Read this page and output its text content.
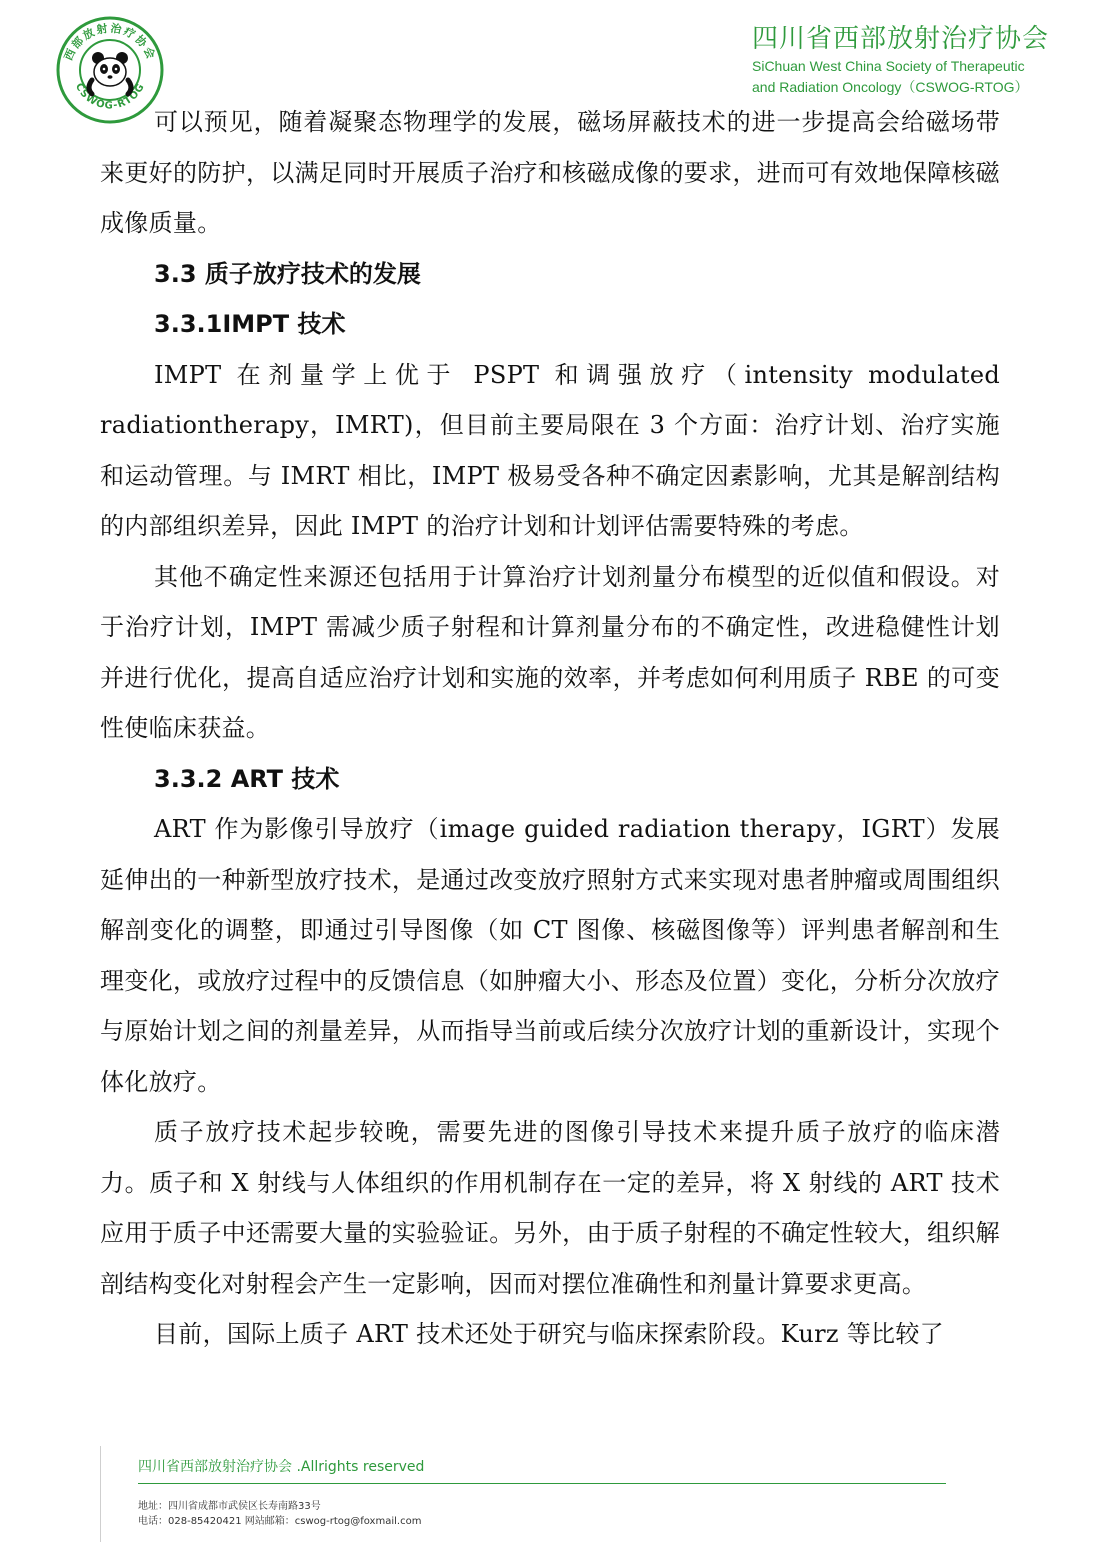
西部放射治疗协会
CSWOG-RTOG
四川省西部放射治疗协会
SiChuan West China Society of Therapeutic
and Radiation Oncology（CSWOG-RTOG）

可以预见，随着凝聚态物理学的发展，磁场屏蔽技术的进一步提高会给磁场带来更好的防护，以满足同时开展质子治疗和核磁成像的要求，进而可有效地保障核磁成像质量。

3.3 质子放疗技术的发展

3.3.1IMPT 技术

IMPT 在剂量学上优于 PSPT 和调强放疗（intensity modulated radiationtherapy，IMRT)，但目前主要局限在 3 个方面：治疗计划、治疗实施和运动管理。与 IMRT 相比，IMPT 极易受各种不确定因素影响，尤其是解剖结构的内部组织差异，因此 IMPT 的治疗计划和计划评估需要特殊的考虑。

其他不确定性来源还包括用于计算治疗计划剂量分布模型的近似值和假设。对于治疗计划，IMPT 需减少质子射程和计算剂量分布的不确定性，改进稳健性计划并进行优化，提高自适应治疗计划和实施的效率，并考虑如何利用质子 RBE 的可变性使临床获益。

3.3.2 ART 技术

ART 作为影像引导放疗（image guided radiation therapy，IGRT）发展延伸出的一种新型放疗技术，是通过改变放疗照射方式来实现对患者肿瘤或周围组织解剖变化的调整，即通过引导图像（如 CT 图像、核磁图像等）评判患者解剖和生理变化，或放疗过程中的反馈信息（如肿瘤大小、形态及位置）变化，分析分次放疗与原始计划之间的剂量差异，从而指导当前或后续分次放疗计划的重新设计，实现个体化放疗。

质子放疗技术起步较晚，需要先进的图像引导技术来提升质子放疗的临床潜力。质子和 X 射线与人体组织的作用机制存在一定的差异，将 X 射线的 ART 技术应用于质子中还需要大量的实验验证。另外，由于质子射程的不确定性较大，组织解剖结构变化对射程会产生一定影响，因而对摆位准确性和剂量计算要求更高。

目前，国际上质子 ART 技术还处于研究与临床探索阶段。Kurz 等比较了

四川省西部放射治疗协会 .Allrights reserved
地址：四川省成都市武侯区长寿南路33号
电话：028-85420421 网站邮箱：cswog-rtog@foxmail.com
